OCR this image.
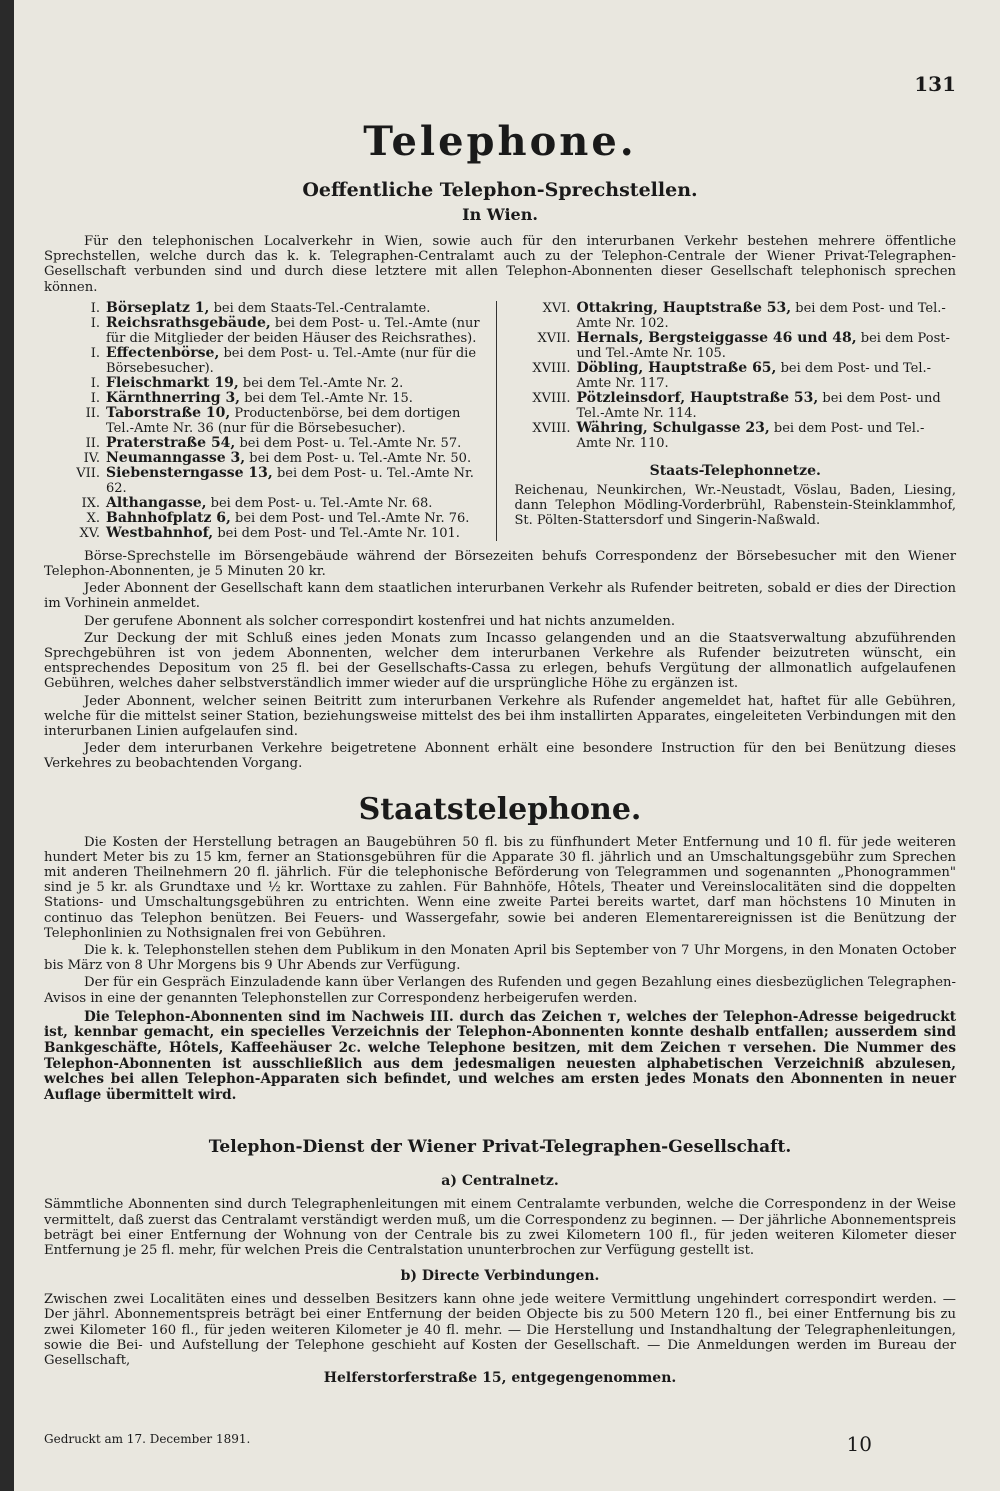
131
Telephone.
Oeffentliche Telephon-Sprechstellen.
In Wien.

Für den telephonischen Localverkehr in Wien, sowie auch für den interurbanen Verkehr bestehen mehrere öffentliche Sprechstellen, welche durch das k. k. Telegraphen-Centralamt auch zu der Telephon-Centrale der Wiener Privat-Telegraphen-Gesellschaft verbunden sind und durch diese letztere mit allen Telephon-Abonnenten dieser Gesellschaft telephonisch sprechen können.

I. Börseplatz 1, bei dem Staats-Tel.-Centralamte.
I. Reichsrathsgebäude, bei dem Post- u. Tel.-Amte (nur für die Mitglieder der beiden Häuser des Reichsrathes).
I. Effectenbörse, bei dem Post- u. Tel.-Amte (nur für die Börsebesucher).
I. Fleischmarkt 19, bei dem Tel.-Amte Nr. 2.
I. Kärnthnerring 3, bei dem Tel.-Amte Nr. 15.
II. Taborstraße 10, Productenbörse, bei dem dortigen Tel.-Amte Nr. 36 (nur für die Börsebesucher).
II. Praterstraße 54, bei dem Post- u. Tel.-Amte Nr. 57.
IV. Neumanngasse 3, bei dem Post- u. Tel.-Amte Nr. 50.
VII. Siebensterngasse 13, bei dem Post- u. Tel.-Amte Nr. 62.
IX. Althangasse, bei dem Post- u. Tel.-Amte Nr. 68.
X. Bahnhofplatz 6, bei dem Post- und Tel.-Amte Nr. 76.
XV. Westbahnhof, bei dem Post- und Tel.-Amte Nr. 101.
XVI. Ottakring, Hauptstraße 53, bei dem Post- und Tel.-Amte Nr. 102.
XVII. Hernals, Bergsteiggasse 46 und 48, bei dem Post- und Tel.-Amte Nr. 105.
XVIII. Döbling, Hauptstraße 65, bei dem Post- und Tel.-Amte Nr. 117.
XVIII. Pötzleinsdorf, Hauptstraße 53, bei dem Post- und Tel.-Amte Nr. 114.
XVIII. Währing, Schulgasse 23, bei dem Post- und Tel.-Amte Nr. 110.
Staats-Telephonnetze.
Reichenau, Neunkirchen, Wr.-Neustadt, Vöslau, Baden, Liesing, dann Telephon Mödling-Vorderbrühl, Rabenstein-Steinklammhof, St. Pölten-Stattersdorf und Singerin-Naßwald.

Börse-Sprechstelle im Börsengebäude während der Börsezeiten behufs Correspondenz der Börsebesucher mit den Wiener Telephon-Abonnenten, je 5 Minuten 20 kr.

Jeder Abonnent der Gesellschaft kann dem staatlichen interurbanen Verkehr als Rufender beitreten, sobald er dies der Direction im Vorhinein anmeldet.

Der gerufene Abonnent als solcher correspondirt kostenfrei und hat nichts anzumelden.

Zur Deckung der mit Schluß eines jeden Monats zum Incasso gelangenden und an die Staatsverwaltung abzuführenden Sprechgebühren ist von jedem Abonnenten, welcher dem interurbanen Verkehre als Rufender beizutreten wünscht, ein entsprechendes Depositum von 25 fl. bei der Gesellschafts-Cassa zu erlegen, behufs Vergütung der allmonatlich aufgelaufenen Gebühren, welches daher selbstverständlich immer wieder auf die ursprüngliche Höhe zu ergänzen ist.

Jeder Abonnent, welcher seinen Beitritt zum interurbanen Verkehre als Rufender angemeldet hat, haftet für alle Gebühren, welche für die mittelst seiner Station, beziehungsweise mittelst des bei ihm installirten Apparates, eingeleiteten Verbindungen mit den interurbanen Linien aufgelaufen sind.

Jeder dem interurbanen Verkehre beigetretene Abonnent erhält eine besondere Instruction für den bei Benützung dieses Verkehres zu beobachtenden Vorgang.

Staatstelephone.

Die Kosten der Herstellung betragen an Baugebühren 50 fl. bis zu fünfhundert Meter Entfernung und 10 fl. für jede weiteren hundert Meter bis zu 15 km, ferner an Stationsgebühren für die Apparate 30 fl. jährlich und an Umschaltungsgebühr zum Sprechen mit anderen Theilnehmern 20 fl. jährlich. Für die telephonische Beförderung von Telegrammen und sogenannten „Phonogrammen" sind je 5 kr. als Grundtaxe und ½ kr. Worttaxe zu zahlen. Für Bahnhöfe, Hôtels, Theater und Vereinslocalitäten sind die doppelten Stations- und Umschaltungsgebühren zu entrichten. Wenn eine zweite Partei bereits wartet, darf man höchstens 10 Minuten in continuo das Telephon benützen. Bei Feuers- und Wassergefahr, sowie bei anderen Elementarereignissen ist die Benützung der Telephonlinien zu Nothsignalen frei von Gebühren.

Die k. k. Telephonstellen stehen dem Publikum in den Monaten April bis September von 7 Uhr Morgens, in den Monaten October bis März von 8 Uhr Morgens bis 9 Uhr Abends zur Verfügung.

Der für ein Gespräch Einzuladende kann über Verlangen des Rufenden und gegen Bezahlung eines diesbezüglichen Telegraphen-Avisos in eine der genannten Telephonstellen zur Correspondenz herbeigerufen werden.

Die Telephon-Abonnenten sind im Nachweis III. durch das Zeichen ᴛ, welches der Telephon-Adresse beigedruckt ist, kennbar gemacht, ein specielles Verzeichnis der Telephon-Abonnenten konnte deshalb entfallen; ausserdem sind Bankgeschäfte, Hôtels, Kaffeehäuser 2c. welche Telephone besitzen, mit dem Zeichen ᴛ versehen. Die Nummer des Telephon-Abonnenten ist ausschließlich aus dem jedesmaligen neuesten alphabetischen Verzeichniß abzulesen, welches bei allen Telephon-Apparaten sich befindet, und welches am ersten jedes Monats den Abonnenten in neuer Auflage übermittelt wird.

Telephon-Dienst der Wiener Privat-Telegraphen-Gesellschaft.
a) Centralnetz.

Sämmtliche Abonnenten sind durch Telegraphenleitungen mit einem Centralamte verbunden, welche die Correspondenz in der Weise vermittelt, daß zuerst das Centralamt verständigt werden muß, um die Correspondenz zu beginnen. — Der jährliche Abonnementspreis beträgt bei einer Entfernung der Wohnung von der Centrale bis zu zwei Kilometern 100 fl., für jeden weiteren Kilometer dieser Entfernung je 25 fl. mehr, für welchen Preis die Centralstation ununterbrochen zur Verfügung gestellt ist.

b) Directe Verbindungen.

Zwischen zwei Localitäten eines und desselben Besitzers kann ohne jede weitere Vermittlung ungehindert correspondirt werden. — Der jährl. Abonnementspreis beträgt bei einer Entfernung der beiden Objecte bis zu 500 Metern 120 fl., bei einer Entfernung bis zu zwei Kilometer 160 fl., für jeden weiteren Kilometer je 40 fl. mehr. — Die Herstellung und Instandhaltung der Telegraphenleitungen, sowie die Bei- und Aufstellung der Telephone geschieht auf Kosten der Gesellschaft. — Die Anmeldungen werden im Bureau der Gesellschaft,

Helferstorferstraße 15, entgegengenommen.
Gedruckt am 17. December 1891.	10
